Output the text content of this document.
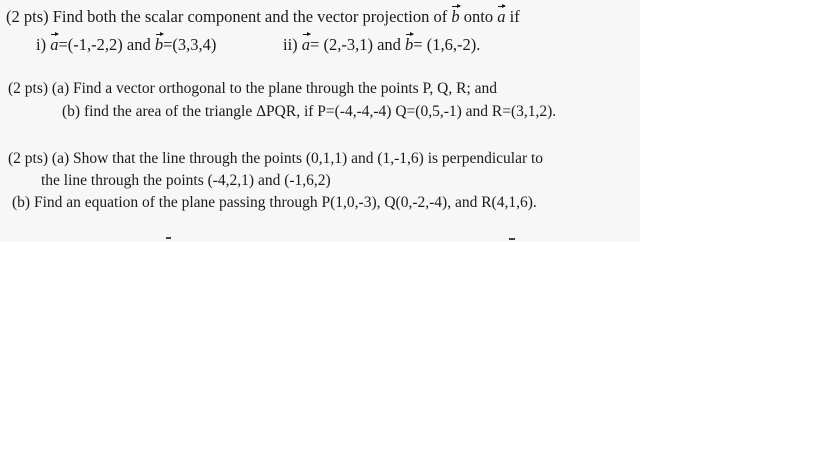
(2 pts) Find both the scalar component and the vector projection of b onto a if
i) a=(-1,-2,2) and b=(3,3,4)	ii) a= (2,-3,1) and b= (1,6,-2).
(2 pts) (a) Find a vector orthogonal to the plane through the points P, Q, R; and
(b) find the area of the triangle ΔPQR, if P=(-4,-4,-4) Q=(0,5,-1) and R=(3,1,2).
(2 pts) (a) Show that the line through the points (0,1,1) and (1,-1,6) is perpendicular to
the line through the points (-4,2,1) and (-1,6,2)
(b) Find an equation of the plane passing through P(1,0,-3), Q(0,-2,-4), and R(4,1,6).
